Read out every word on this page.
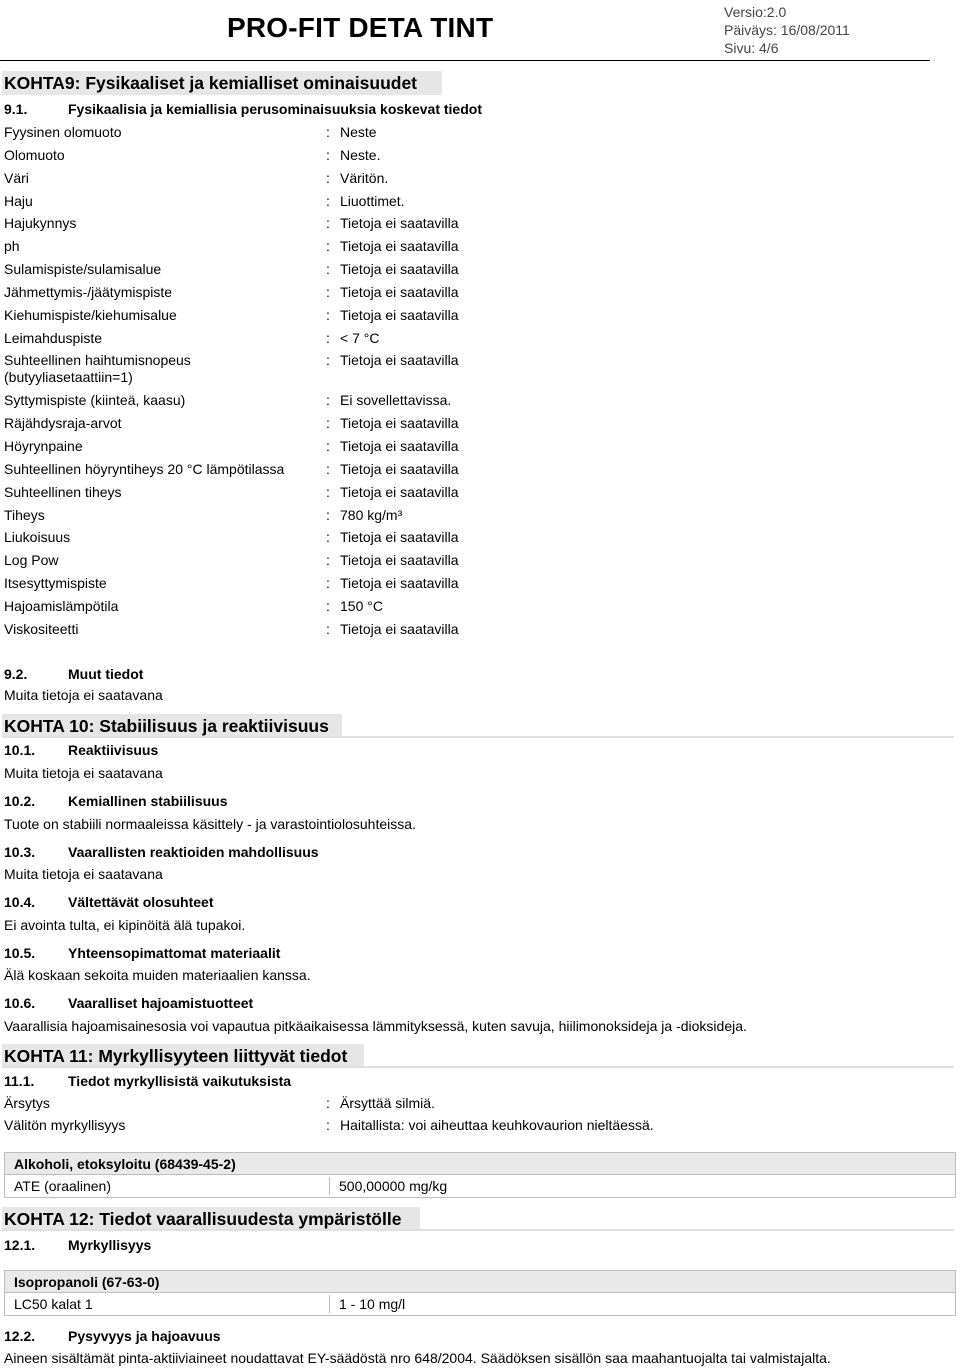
PRO-FIT DETA TINT	Versio:2.0
Päiväys: 16/08/2011
Sivu: 4/6
KOHTA9: Fysikaaliset ja kemialliset ominaisuudet
9.1.	Fysikaalisia ja kemiallisia perusominaisuuksia koskevat tiedot
Fyysinen olomuoto	: Neste
Olomuoto	: Neste.
Väri	: Väritön.
Haju	: Liuottimet.
Hajukynnys	: Tietoja ei saatavilla
ph	: Tietoja ei saatavilla
Sulamispiste/sulamisalue	: Tietoja ei saatavilla
Jähmettymis-/jäätymispiste	: Tietoja ei saatavilla
Kiehumispiste/kiehumisalue	: Tietoja ei saatavilla
Leimahduspiste	: < 7 °C
Suhteellinen haihtumisnopeus (butyyliasetaattiin=1)
: Tietoja ei saatavilla
Syttymispiste (kiinteä, kaasu)	: Ei sovellettavissa.
Räjähdysraja-arvot	: Tietoja ei saatavilla
Höyrynpaine	: Tietoja ei saatavilla
Suhteellinen höyryntiheys 20 °C lämpötilassa	: Tietoja ei saatavilla
Suhteellinen tiheys	: Tietoja ei saatavilla
Tiheys	: 780 kg/m³
Liukoisuus	: Tietoja ei saatavilla
Log Pow	: Tietoja ei saatavilla
Itsesyttymispiste	: Tietoja ei saatavilla
Hajoamislämpötila	: 150 °C
Viskositeetti	: Tietoja ei saatavilla
9.2.	Muut tiedot
Muita tietoja ei saatavana
KOHTA 10: Stabiilisuus ja reaktiivisuus
10.1. Reaktiivisuus
Muita tietoja ei saatavana
10.2. Kemiallinen stabiilisuus
Tuote on stabiili normaaleissa käsittely - ja varastointiolosuhteissa.
10.3. Vaarallisten reaktioiden mahdollisuus
Muita tietoja ei saatavana
10.4. Vältettävät olosuhteet
Ei avointa tulta, ei kipinöitä älä tupakoi.
10.5. Yhteensopimattomat materiaalit
Älä koskaan sekoita muiden materiaalien kanssa.
10.6. Vaaralliset hajoamistuotteet
Vaarallisia hajoamisainesosia voi vapautua pitkäaikaisessa lämmityksessä, kuten savuja, hiilimonoksideja ja -dioksideja.
KOHTA 11: Myrkyllisyyteen liittyvät tiedot
11.1. Tiedot myrkyllisistä vaikutuksista
Ärsytys	: Ärsyttää silmiä.
Välitön myrkyllisyys	: Haitallista: voi aiheuttaa keuhkovaurion nieltäessä.
Alkoholi, etoksyloitu (68439-45-2)
ATE (oraalinen)	500,00000 mg/kg
KOHTA 12: Tiedot vaarallisuudesta ympäristölle
12.1. Myrkyllisyys
Isopropanoli (67-63-0)
LC50 kalat 1	1 - 10 mg/l
12.2. Pysyvyys ja hajoavuus
Aineen sisältämät pinta-aktiiviaineet noudattavat EY-säädöstä nro 648/2004. Säädöksen sisällön saa maahantuojalta tai valmistajalta.
